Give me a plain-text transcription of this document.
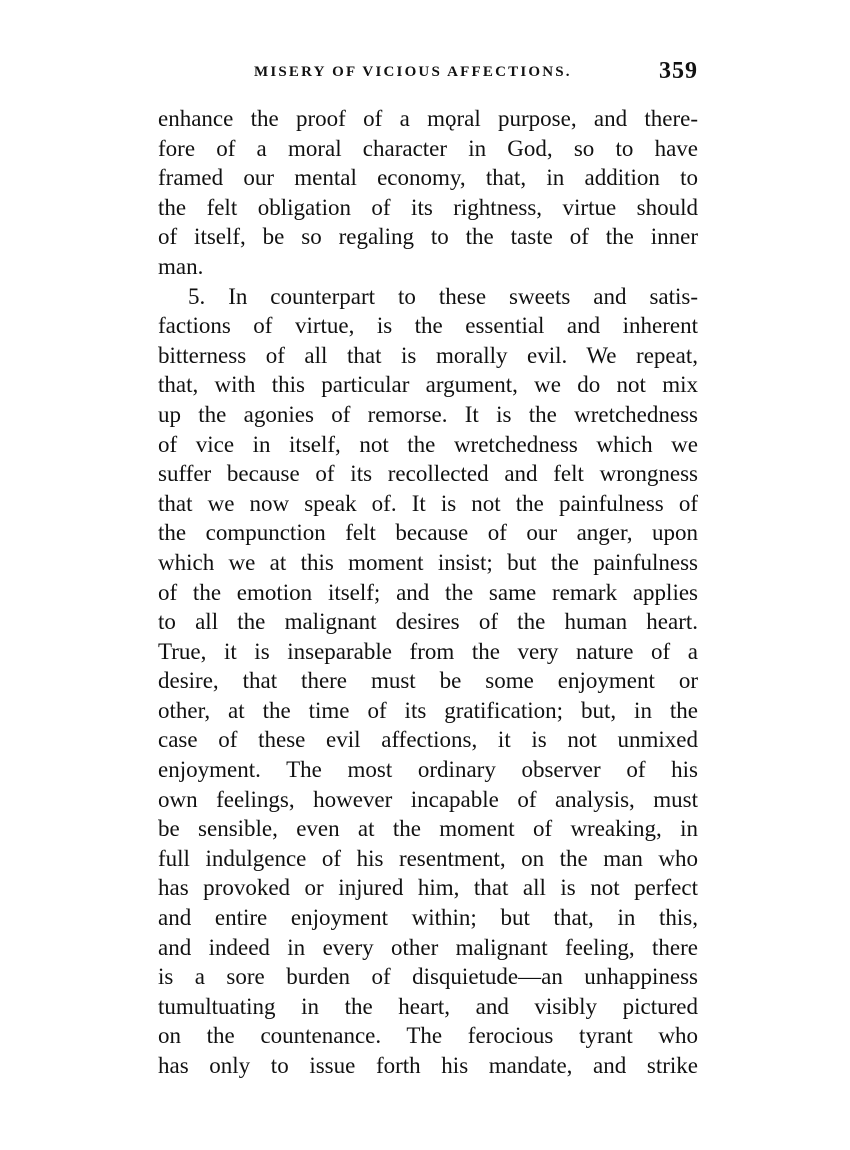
MISERY OF VICIOUS AFFECTIONS.	359
enhance the proof of a mǫral purpose, and there-
fore of a moral character in God, so to have
framed our mental economy, that, in addition to
the felt obligation of its rightness, virtue should
of itself, be so regaling to the taste of the inner
man.
5. In counterpart to these sweets and satis-
factions of virtue, is the essential and inherent
bitterness of all that is morally evil. We repeat,
that, with this particular argument, we do not mix
up the agonies of remorse. It is the wretchedness
of vice in itself, not the wretchedness which we
suffer because of its recollected and felt wrongness
that we now speak of. It is not the painfulness of
the compunction felt because of our anger, upon
which we at this moment insist; but the painfulness
of the emotion itself; and the same remark applies
to all the malignant desires of the human heart.
True, it is inseparable from the very nature of a
desire, that there must be some enjoyment or
other, at the time of its gratification; but, in the
case of these evil affections, it is not unmixed
enjoyment. The most ordinary observer of his
own feelings, however incapable of analysis, must
be sensible, even at the moment of wreaking, in
full indulgence of his resentment, on the man who
has provoked or injured him, that all is not perfect
and entire enjoyment within; but that, in this,
and indeed in every other malignant feeling, there
is a sore burden of disquietude—an unhappiness
tumultuating in the heart, and visibly pictured
on the countenance. The ferocious tyrant who
has only to issue forth his mandate, and strike
